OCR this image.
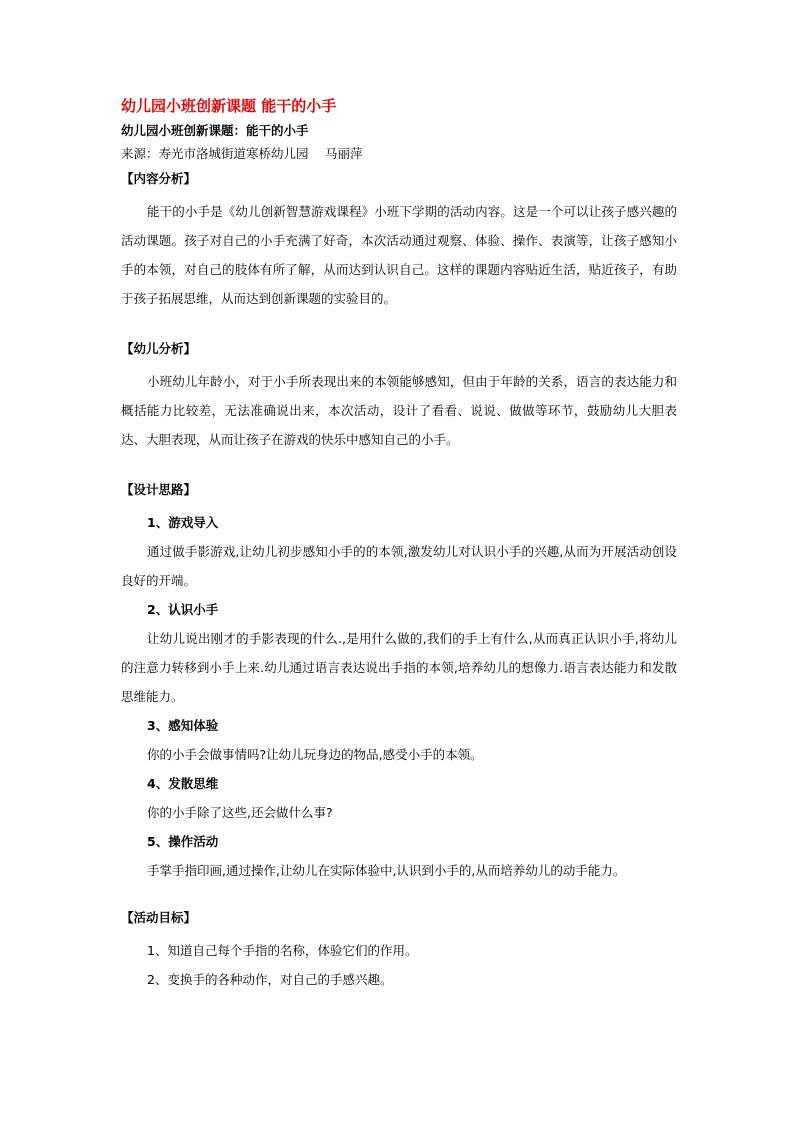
幼儿园小班创新课题 能干的小手
幼儿园小班创新课题：能干的小手
来源：寿光市洛城街道寒桥幼儿园　 马丽萍
【内容分析】

能干的小手是《幼儿创新智慧游戏课程》小班下学期的活动内容。这是一个可以让孩子感兴趣的活动课题。孩子对自己的小手充满了好奇，本次活动通过观察、体验、操作、表演等，让孩子感知小手的本领，对自己的肢体有所了解，从而达到认识自己。这样的课题内容贴近生活，贴近孩子，有助于孩子拓展思维，从而达到创新课题的实验目的。

【幼儿分析】

小班幼儿年龄小，对于小手所表现出来的本领能够感知，但由于年龄的关系，语言的表达能力和概括能力比较差，无法准确说出来，本次活动，设计了看看、说说、做做等环节，鼓励幼儿大胆表达、大胆表现，从而让孩子在游戏的快乐中感知自己的小手。

【设计思路】
1、游戏导入

通过做手影游戏,让幼儿初步感知小手的的本领,激发幼儿对认识小手的兴趣,从而为开展活动创设良好的开端。

2、认识小手

让幼儿说出刚才的手影表现的什么.,是用什么做的,我们的手上有什么,从而真正认识小手,将幼儿的注意力转移到小手上来.幼儿通过语言表达说出手指的本领,培养幼儿的想像力.语言表达能力和发散思维能力。

3、感知体验

你的小手会做事情吗?让幼儿玩身边的物品,感受小手的本领。

4、发散思维

你的小手除了这些,还会做什么事?

5、操作活动

手掌手指印画,通过操作,让幼儿在实际体验中,认识到小手的,从而培养幼儿的动手能力。

【活动目标】

1、知道自己每个手指的名称，体验它们的作用。

2、变换手的各种动作，对自己的手感兴趣。
